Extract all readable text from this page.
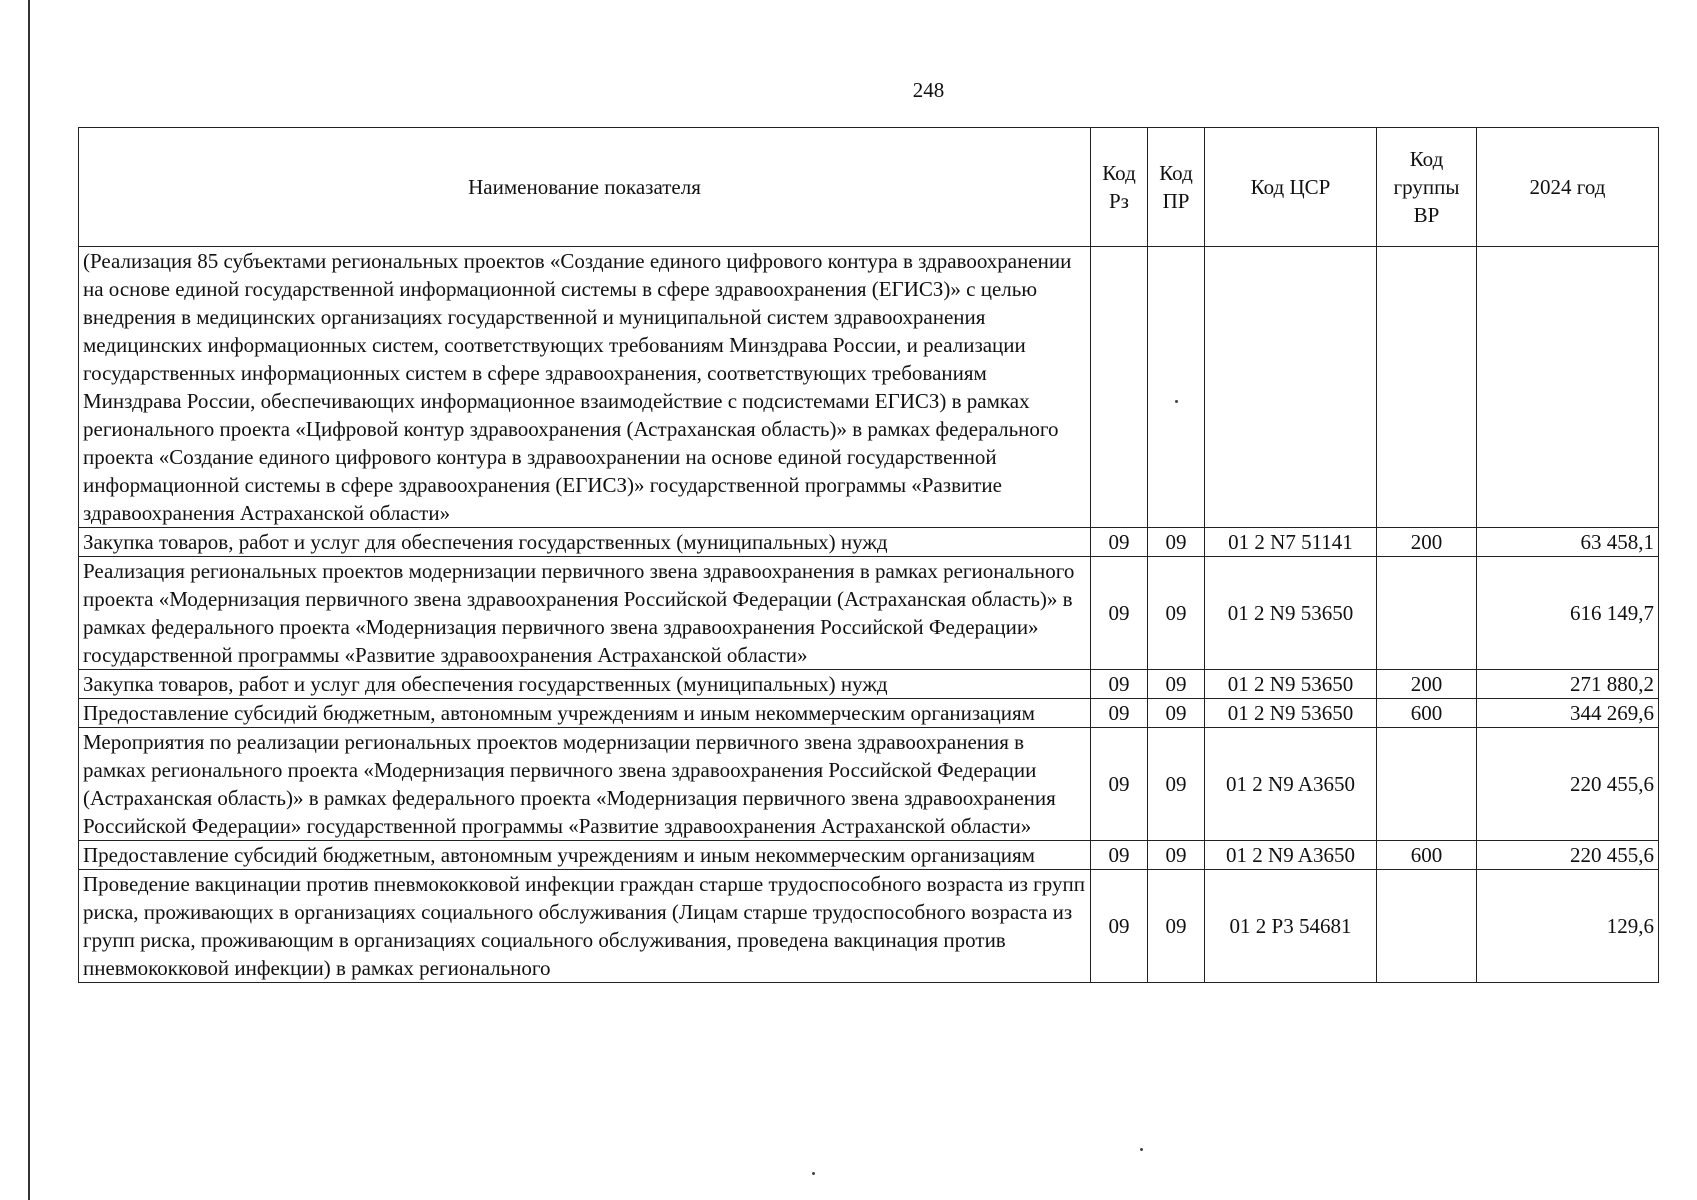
248
Наименование показателя	Код Рз	Код ПР	Код ЦСР	Код группы ВР	2024 год
(Реализация 85 субъектами региональных проектов «Создание единого цифрового контура в здравоохранении на основе единой государственной информационной системы в сфере здравоохранения (ЕГИСЗ)» с целью внедрения в медицинских организациях государственной и муниципальной систем здравоохранения медицинских информационных систем, соответствующих требованиям Минздрава России, и реализации государственных информационных систем в сфере здравоохранения, соответствующих требованиям Минздрава России, обеспечивающих информационное взаимодействие с подсистемами ЕГИСЗ) в рамках регионального проекта «Цифровой контур здравоохранения (Астраханская область)» в рамках федерального проекта «Создание единого цифрового контура в здравоохранении на основе единой государственной информационной системы в сфере здравоохранения (ЕГИСЗ)» государственной программы «Развитие здравоохранения Астраханской области»					
Закупка товаров, работ и услуг для обеспечения государственных (муниципальных) нужд	09	09	01 2 N7 51141	200	63 458,1
Реализация региональных проектов модернизации первичного звена здравоохранения в рамках регионального проекта «Модернизация первичного звена здравоохранения Российской Федерации (Астраханская область)» в рамках федерального проекта «Модернизация первичного звена здравоохранения Российской Федерации» государственной программы «Развитие здравоохранения Астраханской области»	09	09	01 2 N9 53650		616 149,7
Закупка товаров, работ и услуг для обеспечения государственных (муниципальных) нужд	09	09	01 2 N9 53650	200	271 880,2
Предоставление субсидий бюджетным, автономным учреждениям и иным некоммерческим организациям	09	09	01 2 N9 53650	600	344 269,6
Мероприятия по реализации региональных проектов модернизации первичного звена здравоохранения в рамках регионального проекта «Модернизация первичного звена здравоохранения Российской Федерации (Астраханская область)» в рамках федерального проекта «Модернизация первичного звена здравоохранения Российской Федерации» государственной программы «Развитие здравоохранения Астраханской области»	09	09	01 2 N9 A3650		220 455,6
Предоставление субсидий бюджетным, автономным учреждениям и иным некоммерческим организациям	09	09	01 2 N9 A3650	600	220 455,6
Проведение вакцинации против пневмококковой инфекции граждан старше трудоспособного возраста из групп риска, проживающих в организациях социального обслуживания (Лицам старше трудоспособного возраста из групп риска, проживающим в организациях социального обслуживания, проведена вакцинация против пневмококковой инфекции) в рамках регионального	09	09	01 2 P3 54681		129,6
